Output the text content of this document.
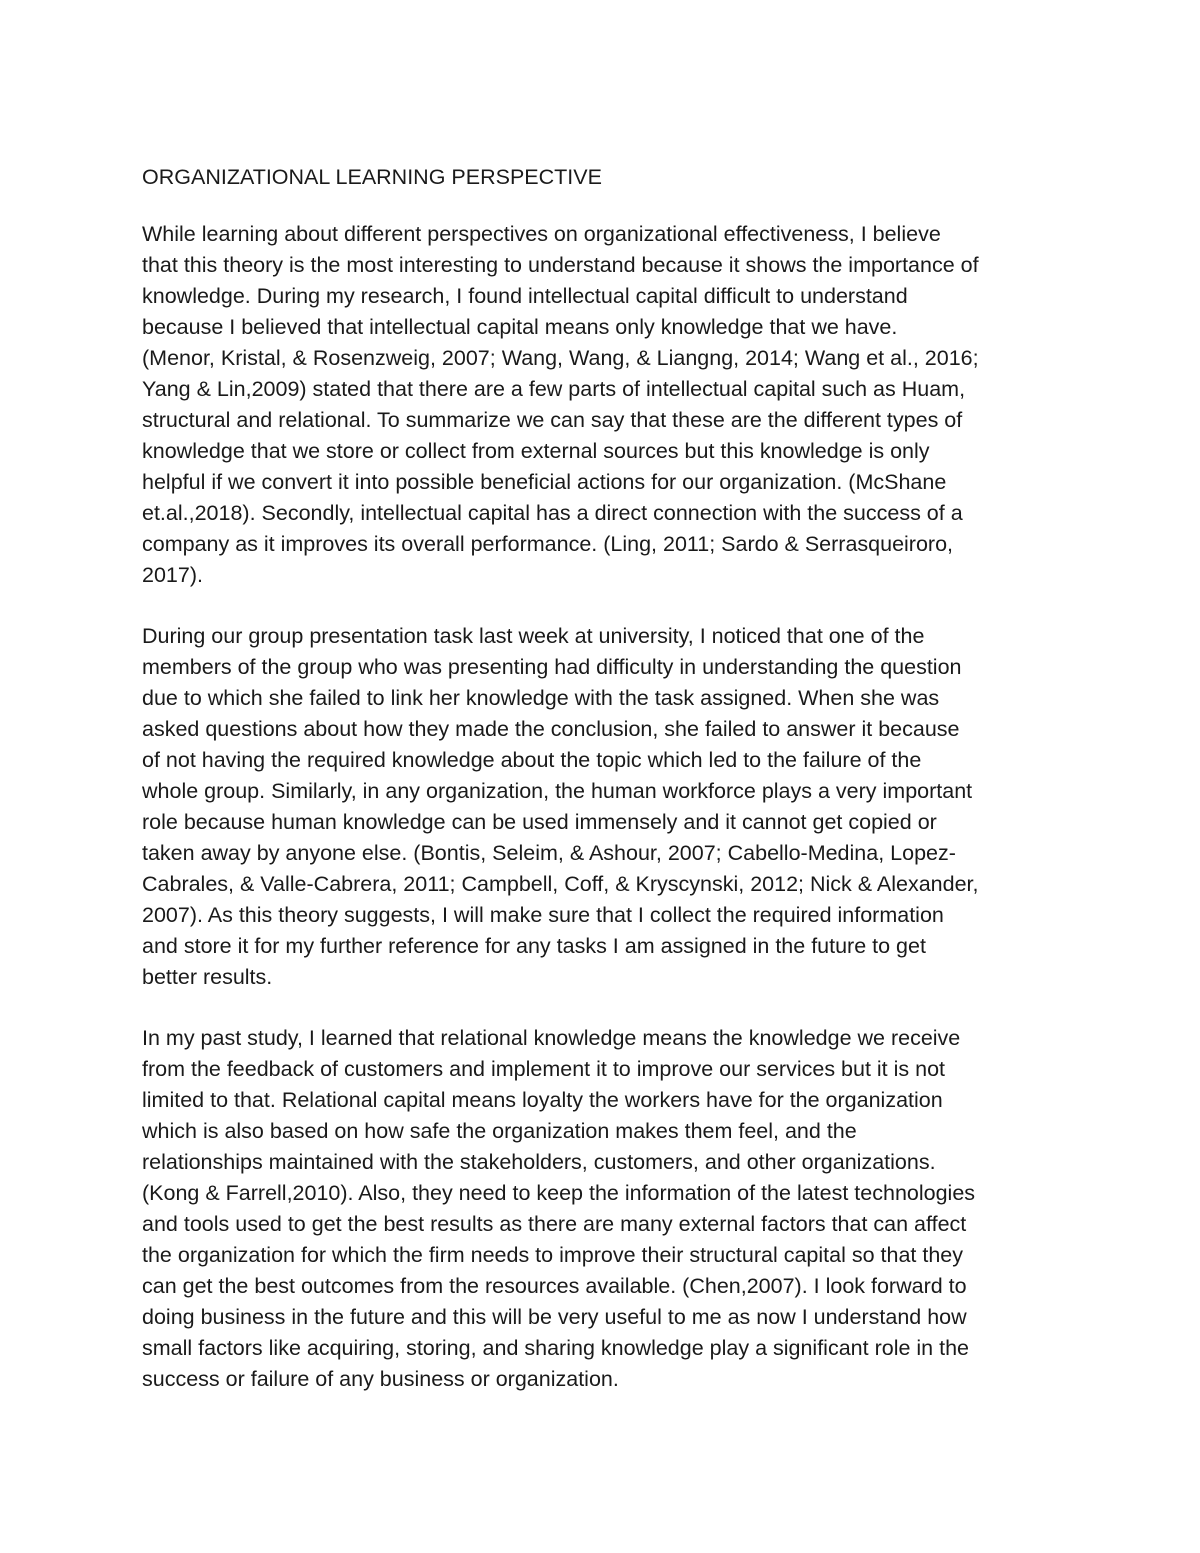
ORGANIZATIONAL LEARNING PERSPECTIVE
While learning about different perspectives on organizational effectiveness, I believe
that this theory is the most interesting to understand because it shows the importance of
knowledge. During my research, I found intellectual capital difficult to understand
because I believed that intellectual capital means only knowledge that we have.
(Menor, Kristal, & Rosenzweig, 2007; Wang, Wang, & Liangng, 2014; Wang et al., 2016;
Yang & Lin,2009) stated that there are a few parts of intellectual capital such as Huam,
structural and relational. To summarize we can say that these are the different types of
knowledge that we store or collect from external sources but this knowledge is only
helpful if we convert it into possible beneficial actions for our organization. (McShane
et.al.,2018). Secondly, intellectual capital has a direct connection with the success of a
company as it improves its overall performance. (Ling, 2011; Sardo & Serrasqueiroro,
2017).
During our group presentation task last week at university, I noticed that one of the
members of the group who was presenting had difficulty in understanding the question
due to which she failed to link her knowledge with the task assigned. When she was
asked questions about how they made the conclusion, she failed to answer it because
of not having the required knowledge about the topic which led to the failure of the
whole group. Similarly, in any organization, the human workforce plays a very important
role because human knowledge can be used immensely and it cannot get copied or
taken away by anyone else. (Bontis, Seleim, & Ashour, 2007; Cabello-Medina, Lopez-
Cabrales, & Valle-Cabrera, 2011; Campbell, Coff, & Kryscynski, 2012; Nick & Alexander,
2007). As this theory suggests, I will make sure that I collect the required information
and store it for my further reference for any tasks I am assigned in the future to get
better results.
In my past study, I learned that relational knowledge means the knowledge we receive
from the feedback of customers and implement it to improve our services but it is not
limited to that. Relational capital means loyalty the workers have for the organization
which is also based on how safe the organization makes them feel, and the
relationships maintained with the stakeholders, customers, and other organizations.
(Kong & Farrell,2010). Also, they need to keep the information of the latest technologies
and tools used to get the best results as there are many external factors that can affect
the organization for which the firm needs to improve their structural capital so that they
can get the best outcomes from the resources available. (Chen,2007). I look forward to
doing business in the future and this will be very useful to me as now I understand how
small factors like acquiring, storing, and sharing knowledge play a significant role in the
success or failure of any business or organization.
